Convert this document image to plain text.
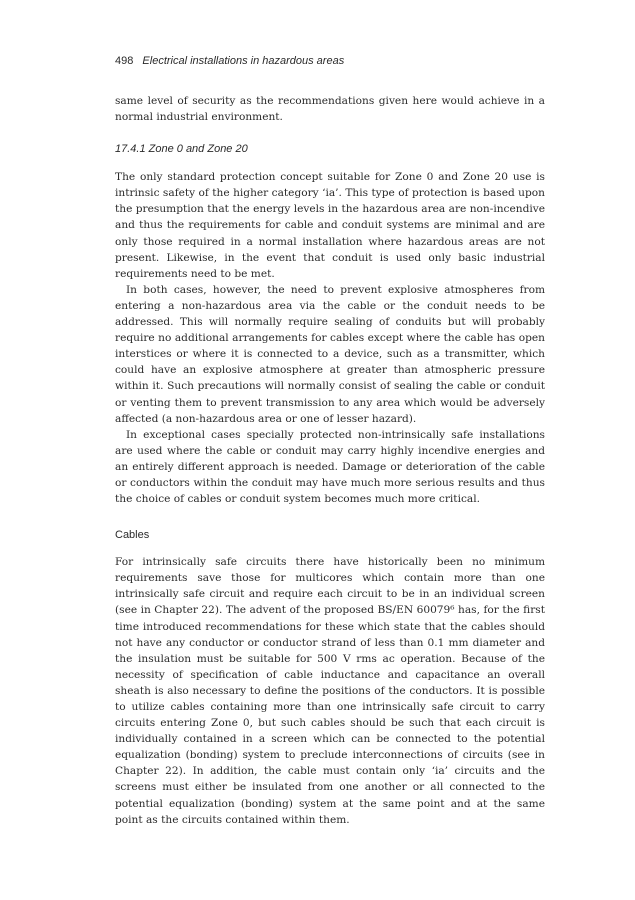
498 Electrical installations in hazardous areas

same level of security as the recommendations given here would achieve in a normal industrial environment.

17.4.1 Zone 0 and Zone 20

The only standard protection concept suitable for Zone 0 and Zone 20 use is intrinsic safety of the higher category ‘ia’. This type of protection is based upon the presumption that the energy levels in the hazardous area are non-incendive and thus the requirements for cable and conduit systems are minimal and are only those required in a normal installation where hazardous areas are not present. Likewise, in the event that conduit is used only basic industrial requirements need to be met.

In both cases, however, the need to prevent explosive atmospheres from entering a non-hazardous area via the cable or the conduit needs to be addressed. This will normally require sealing of conduits but will probably require no additional arrangements for cables except where the cable has open interstices or where it is connected to a device, such as a transmitter, which could have an explosive atmosphere at greater than atmospheric pressure within it. Such precautions will normally consist of sealing the cable or conduit or venting them to prevent transmission to any area which would be adversely affected (a non-hazardous area or one of lesser hazard).

In exceptional cases specially protected non-intrinsically safe installations are used where the cable or conduit may carry highly incendive energies and an entirely different approach is needed. Damage or deterioration of the cable or conductors within the conduit may have much more serious results and thus the choice of cables or conduit system becomes much more critical.

Cables

For intrinsically safe circuits there have historically been no minimum requirements save those for multicores which contain more than one intrinsically safe circuit and require each circuit to be in an individual screen (see in Chapter 22). The advent of the proposed BS/EN 60079⁶ has, for the first time introduced recommendations for these which state that the cables should not have any conductor or conductor strand of less than 0.1 mm diameter and the insulation must be suitable for 500 V rms ac operation. Because of the necessity of specification of cable inductance and capacitance an overall sheath is also necessary to define the positions of the conductors. It is possible to utilize cables containing more than one intrinsically safe circuit to carry circuits entering Zone 0, but such cables should be such that each circuit is individually contained in a screen which can be connected to the potential equalization (bonding) system to preclude interconnections of circuits (see in Chapter 22). In addition, the cable must contain only ‘ia’ circuits and the screens must either be insulated from one another or all connected to the potential equalization (bonding) system at the same point and at the same point as the circuits contained within them.
